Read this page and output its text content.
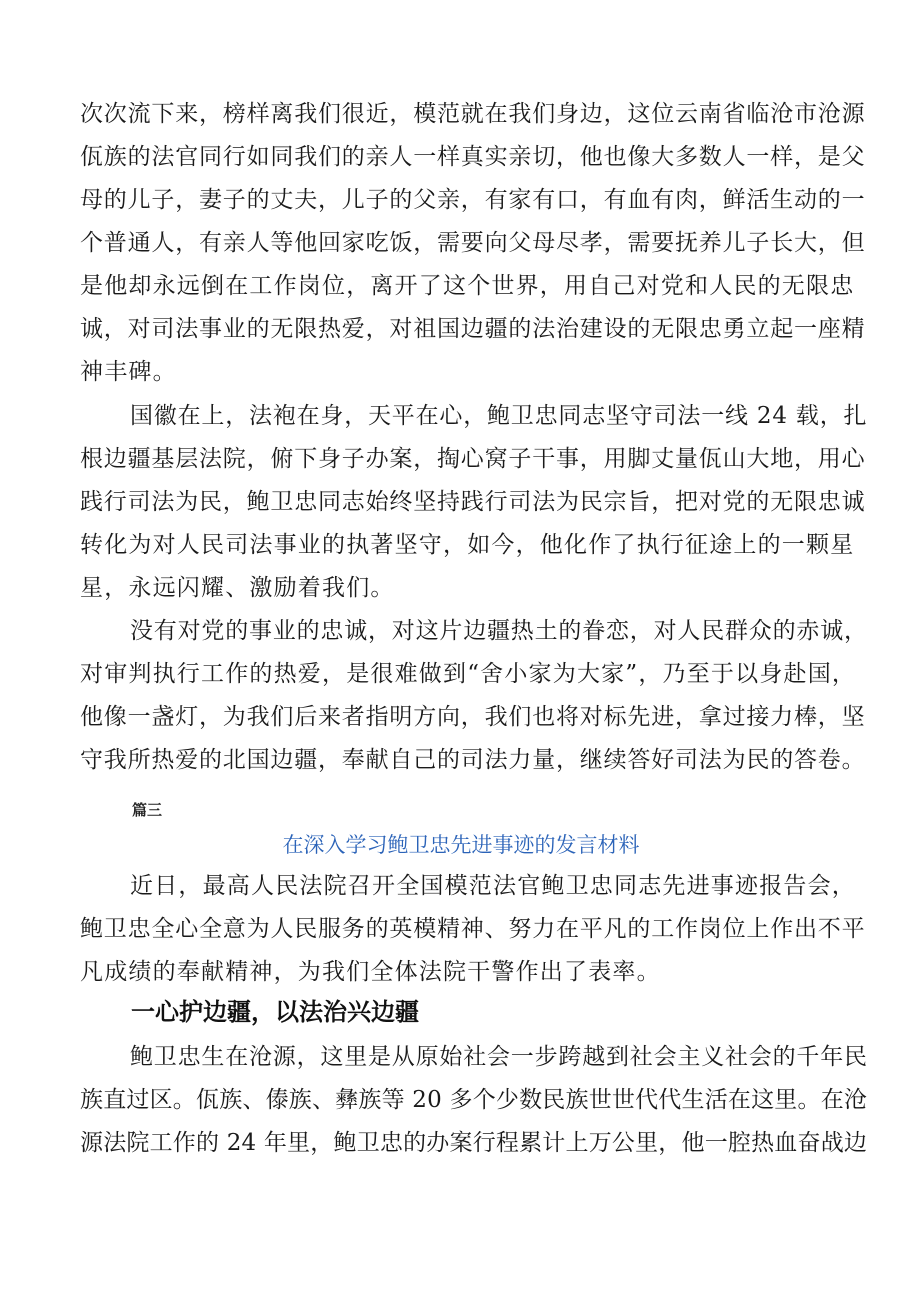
次次流下来，榜样离我们很近，模范就在我们身边，这位云南省临沧市沧源
佤族的法官同行如同我们的亲人一样真实亲切，他也像大多数人一样，是父
母的儿子，妻子的丈夫，儿子的父亲，有家有口，有血有肉，鲜活生动的一
个普通人，有亲人等他回家吃饭，需要向父母尽孝，需要抚养儿子长大，但
是他却永远倒在工作岗位，离开了这个世界，用自己对党和人民的无限忠
诚，对司法事业的无限热爱，对祖国边疆的法治建设的无限忠勇立起一座精
神丰碑。
国徽在上，法袍在身，天平在心，鲍卫忠同志坚守司法一线 24 载，扎
根边疆基层法院，俯下身子办案，掏心窝子干事，用脚丈量佤山大地，用心
践行司法为民，鲍卫忠同志始终坚持践行司法为民宗旨，把对党的无限忠诚
转化为对人民司法事业的执著坚守，如今，他化作了执行征途上的一颗星
星，永远闪耀、激励着我们。
没有对党的事业的忠诚，对这片边疆热土的眷恋，对人民群众的赤诚，
对审判执行工作的热爱，是很难做到“舍小家为大家”，乃至于以身赴国，
他像一盏灯，为我们后来者指明方向，我们也将对标先进，拿过接力棒，坚
守我所热爱的北国边疆，奉献自己的司法力量，继续答好司法为民的答卷。
篇三
在深入学习鲍卫忠先进事迹的发言材料
近日，最高人民法院召开全国模范法官鲍卫忠同志先进事迹报告会，
鲍卫忠全心全意为人民服务的英模精神、努力在平凡的工作岗位上作出不平
凡成绩的奉献精神，为我们全体法院干警作出了表率。
一心护边疆，以法治兴边疆
鲍卫忠生在沧源，这里是从原始社会一步跨越到社会主义社会的千年民
族直过区。佤族、傣族、彝族等 20 多个少数民族世世代代生活在这里。在沧
源法院工作的 24 年里，鲍卫忠的办案行程累计上万公里，他一腔热血奋战边
